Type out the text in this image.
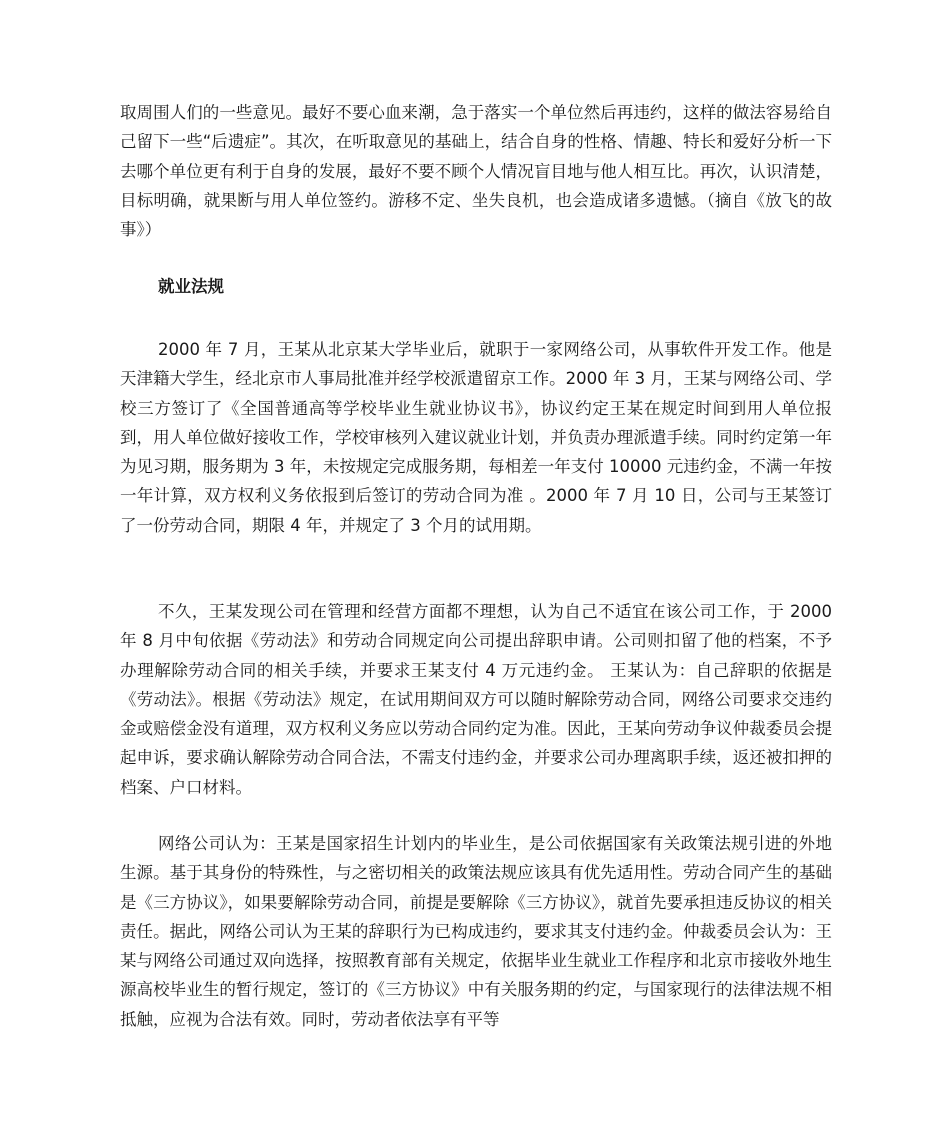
取周围人们的一些意见。最好不要心血来潮，急于落实一个单位然后再违约，这样的做法容易给自己留下一些“后遗症”。其次，在听取意见的基础上，结合自身的性格、情趣、特长和爱好分析一下去哪个单位更有利于自身的发展，最好不要不顾个人情况盲目地与他人相互比。再次，认识清楚，目标明确，就果断与用人单位签约。游移不定、坐失良机，也会造成诸多遗憾。（摘自《放飞的故事》）

就业法规

2000 年 7 月，王某从北京某大学毕业后，就职于一家网络公司，从事软件开发工作。他是天津籍大学生，经北京市人事局批准并经学校派遣留京工作。2000 年 3 月，王某与网络公司、学校三方签订了《全国普通高等学校毕业生就业协议书》，协议约定王某在规定时间到用人单位报到，用人单位做好接收工作，学校审核列入建议就业计划，并负责办理派遣手续。同时约定第一年为见习期，服务期为 3 年，未按规定完成服务期，每相差一年支付 10000 元违约金，不满一年按一年计算，双方权利义务依报到后签订的劳动合同为准 。2000 年 7 月 10 日，公司与王某签订了一份劳动合同，期限 4 年，并规定了 3 个月的试用期。

不久，王某发现公司在管理和经营方面都不理想，认为自己不适宜在该公司工作，于 2000 年 8 月中旬依据《劳动法》和劳动合同规定向公司提出辞职申请。公司则扣留了他的档案，不予办理解除劳动合同的相关手续，并要求王某支付 4 万元违约金。 王某认为：自己辞职的依据是《劳动法》。根据《劳动法》规定，在试用期间双方可以随时解除劳动合同，网络公司要求交违约金或赔偿金没有道理，双方权利义务应以劳动合同约定为准。因此，王某向劳动争议仲裁委员会提起申诉，要求确认解除劳动合同合法，不需支付违约金，并要求公司办理离职手续，返还被扣押的档案、户口材料。

网络公司认为：王某是国家招生计划内的毕业生，是公司依据国家有关政策法规引进的外地生源。基于其身份的特殊性，与之密切相关的政策法规应该具有优先适用性。劳动合同产生的基础是《三方协议》，如果要解除劳动合同，前提是要解除《三方协议》，就首先要承担违反协议的相关责任。据此，网络公司认为王某的辞职行为已构成违约，要求其支付违约金。仲裁委员会认为：王某与网络公司通过双向选择，按照教育部有关规定，依据毕业生就业工作程序和北京市接收外地生源高校毕业生的暂行规定，签订的《三方协议》中有关服务期的约定，与国家现行的法律法规不相抵触，应视为合法有效。同时，劳动者依法享有平等
